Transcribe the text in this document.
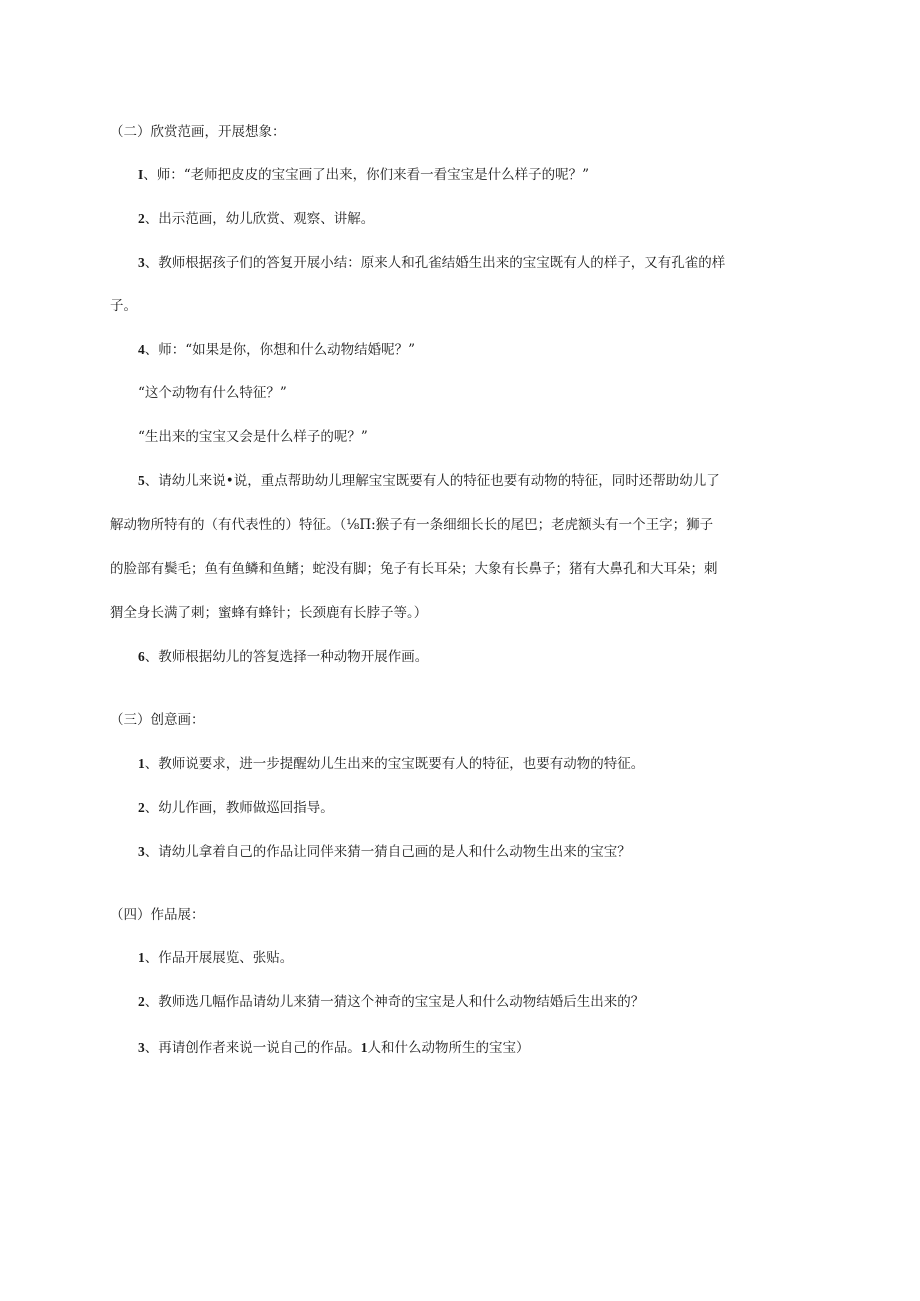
（二）欣赏范画，开展想象：
I、师：“老师把皮皮的宝宝画了出来，你们来看一看宝宝是什么样子的呢？”
2、出示范画，幼儿欣赏、观察、讲解。
3、教师根据孩子们的答复开展小结：原来人和孔雀结婚生出来的宝宝既有人的样子，又有孔雀的样
子。
4、师：“如果是你，你想和什么动物结婚呢？”
“这个动物有什么特征？”
“生出来的宝宝又会是什么样子的呢？”
5、请幼儿来说•说，重点帮助幼儿理解宝宝既要有人的特征也要有动物的特征，同时还帮助幼儿了
解动物所特有的（有代表性的）特征。（⅛Π:猴子有一条细细长长的尾巴；老虎额头有一个王字；狮子
的脸部有鬓毛；鱼有鱼鳞和鱼鳍；蛇没有脚；兔子有长耳朵；大象有长鼻子；猪有大鼻孔和大耳朵；刺
猬全身长满了刺；蜜蜂有蜂针；长颈鹿有长脖子等。）
6、教师根据幼儿的答复选择一种动物开展作画。
（三）创意画：
1、教师说要求，进一步提醒幼儿生出来的宝宝既要有人的特征，也要有动物的特征。
2、幼儿作画，教师做巡回指导。
3、请幼儿拿着自己的作品让同伴来猜一猜自己画的是人和什么动物生出来的宝宝？
（四）作品展：
1、作品开展展览、张贴。
2、教师选几幅作品请幼儿来猜一猜这个神奇的宝宝是人和什么动物结婚后生出来的？
3、再请创作者来说一说自己的作品。1人和什么动物所生的宝宝）
